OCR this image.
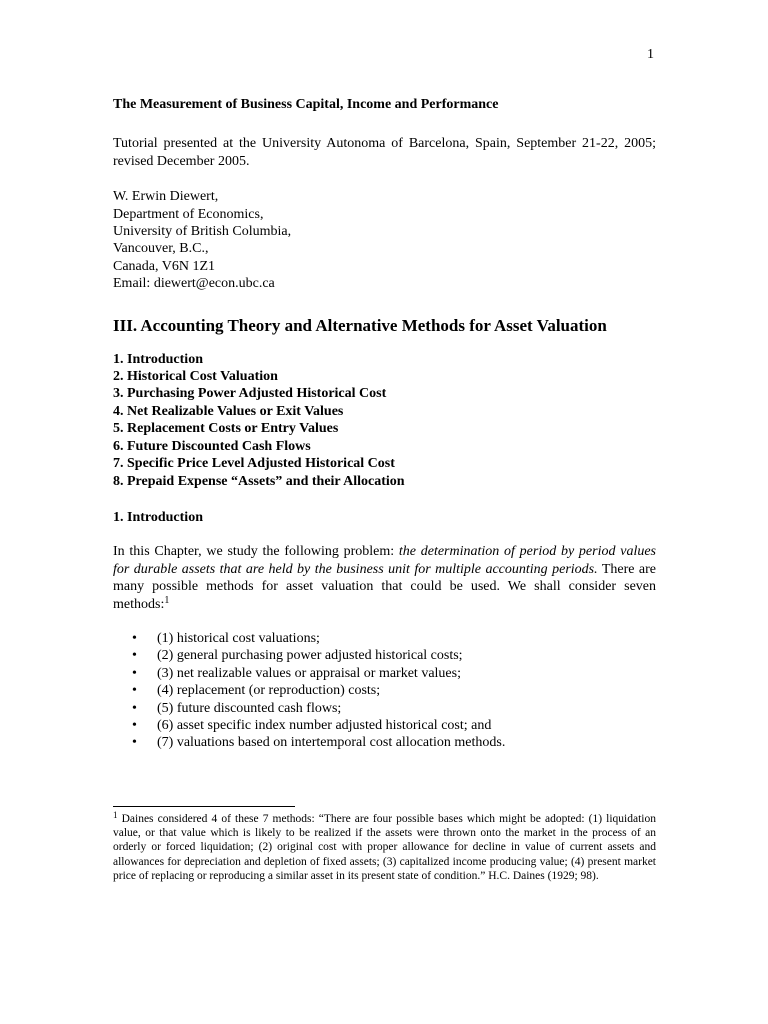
1

The Measurement of Business Capital, Income and Performance

Tutorial presented at the University Autonoma of Barcelona, Spain, September 21-22, 2005; revised December 2005.

W. Erwin Diewert,
Department of Economics,
University of British Columbia,
Vancouver, B.C.,
Canada, V6N 1Z1
Email: diewert@econ.ubc.ca
III. Accounting Theory and Alternative Methods for Asset Valuation
1. Introduction
2. Historical Cost Valuation
3. Purchasing Power Adjusted Historical Cost
4. Net Realizable Values or Exit Values
5. Replacement Costs or Entry Values
6. Future Discounted Cash Flows
7. Specific Price Level Adjusted Historical Cost
8. Prepaid Expense “Assets” and their Allocation
1. Introduction

In this Chapter, we study the following problem: the determination of period by period values for durable assets that are held by the business unit for multiple accounting periods. There are many possible methods for asset valuation that could be used. We shall consider seven methods:$^1$

• (1) historical cost valuations;
• (2) general purchasing power adjusted historical costs;
• (3) net realizable values or appraisal or market values;
• (4) replacement (or reproduction) costs;
• (5) future discounted cash flows;
• (6) asset specific index number adjusted historical cost; and
• (7) valuations based on intertemporal cost allocation methods.
$^1$ Daines considered 4 of these 7 methods: “There are four possible bases which might be adopted: (1) liquidation value, or that value which is likely to be realized if the assets were thrown onto the market in the process of an orderly or forced liquidation; (2) original cost with proper allowance for decline in value of current assets and allowances for depreciation and depletion of fixed assets; (3) capitalized income producing value; (4) present market price of replacing or reproducing a similar asset in its present state of condition.” H.C. Daines (1929; 98).
